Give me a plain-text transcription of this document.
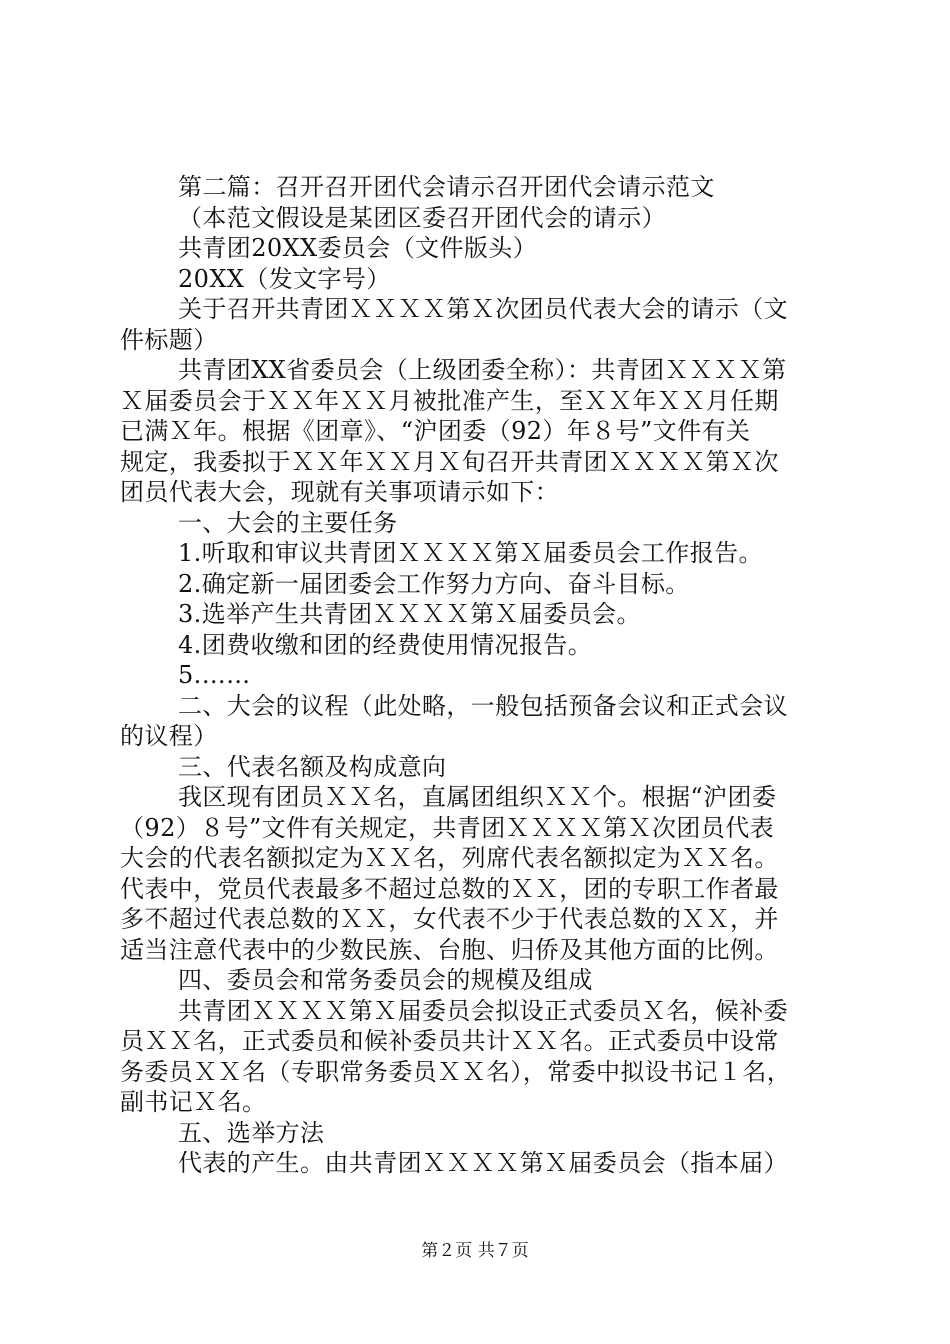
第二篇：召开召开团代会请示召开团代会请示范文
（本范文假设是某团区委召开团代会的请示）
共青团20XX委员会（文件版头）
20XX（发文字号）
关于召开共青团ＸＸＸＸ第Ｘ次团员代表大会的请示（文
件标题）
共青团XX省委员会（上级团委全称）：共青团ＸＸＸＸ第
Ｘ届委员会于ＸＸ年ＸＸ月被批准产生，至ＸＸ年ＸＸ月任期
已满Ｘ年。根据《团章》、“沪团委（92）年８号”文件有关
规定，我委拟于ＸＸ年ＸＸ月Ｘ旬召开共青团ＸＸＸＸ第Ｘ次
团员代表大会，现就有关事项请示如下：
一、大会的主要任务
1.听取和审议共青团ＸＸＸＸ第Ｘ届委员会工作报告。
2.确定新一届团委会工作努力方向、奋斗目标。
3.选举产生共青团ＸＸＸＸ第Ｘ届委员会。
4.团费收缴和团的经费使用情况报告。
5.……
二、大会的议程（此处略，一般包括预备会议和正式会议
的议程）
三、代表名额及构成意向
我区现有团员ＸＸ名，直属团组织ＸＸ个。根据“沪团委
（92）８号”文件有关规定，共青团ＸＸＸＸ第Ｘ次团员代表
大会的代表名额拟定为ＸＸ名，列席代表名额拟定为ＸＸ名。
代表中，党员代表最多不超过总数的ＸＸ，团的专职工作者最
多不超过代表总数的ＸＸ，女代表不少于代表总数的ＸＸ，并
适当注意代表中的少数民族、台胞、归侨及其他方面的比例。
四、委员会和常务委员会的规模及组成
共青团ＸＸＸＸ第Ｘ届委员会拟设正式委员Ｘ名，候补委
员ＸＸ名，正式委员和候补委员共计ＸＸ名。正式委员中设常
务委员ＸＸ名（专职常务委员ＸＸ名），常委中拟设书记１名，
副书记Ｘ名。
五、选举方法
代表的产生。由共青团ＸＸＸＸ第Ｘ届委员会（指本届）
第２页 共７页
